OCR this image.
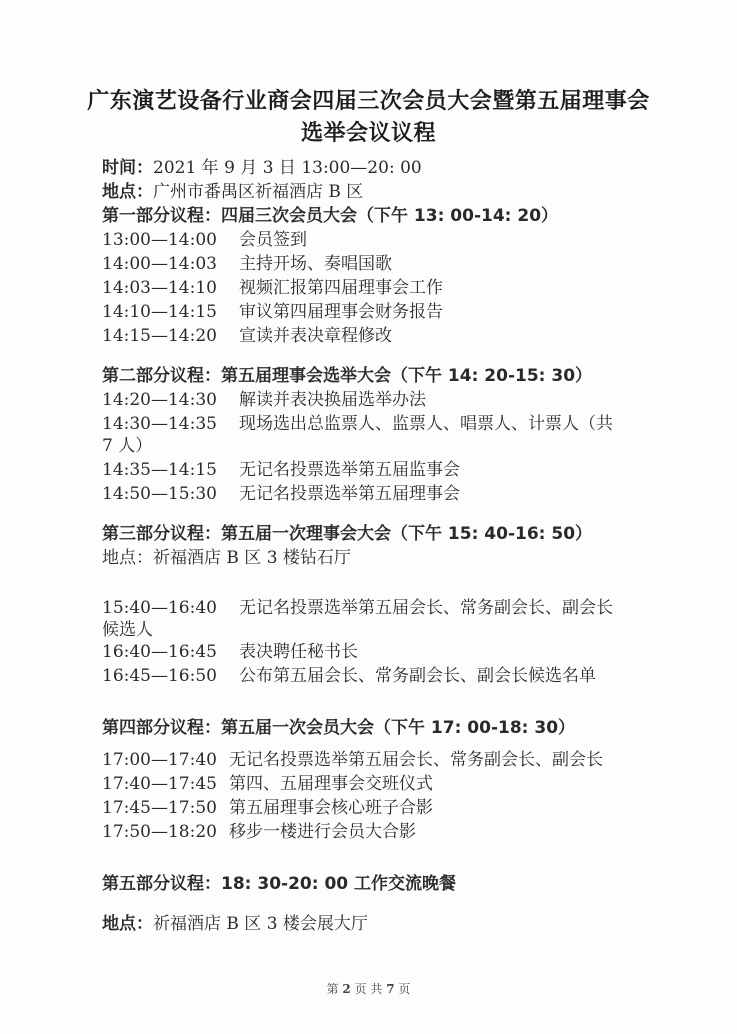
广东演艺设备行业商会四届三次会员大会暨第五届理事会
选举会议议程
时间：2021 年 9 月 3 日 13:00—20: 00
地点：广州市番禺区祈福酒店 B 区
第一部分议程：四届三次会员大会（下午 13: 00-14: 20）
13:00—14:00 会员签到
14:00—14:03 主持开场、奏唱国歌
14:03—14:10 视频汇报第四届理事会工作
14:10—14:15 审议第四届理事会财务报告
14:15—14:20 宣读并表决章程修改
第二部分议程：第五届理事会选举大会（下午 14: 20-15: 30）
14:20—14:30 解读并表决换届选举办法
14:30—14:35 现场选出总监票人、监票人、唱票人、计票人（共
7 人）
14:35—14:15 无记名投票选举第五届监事会
14:50—15:30 无记名投票选举第五届理事会
第三部分议程：第五届一次理事会大会（下午 15: 40-16: 50）
地点：祈福酒店 B 区 3 楼钻石厅
15:40—16:40 无记名投票选举第五届会长、常务副会长、副会长
候选人
16:40—16:45 表决聘任秘书长
16:45—16:50 公布第五届会长、常务副会长、副会长候选名单
第四部分议程：第五届一次会员大会（下午 17: 00-18: 30）
17:00—17:40 无记名投票选举第五届会长、常务副会长、副会长
17:40—17:45 第四、五届理事会交班仪式
17:45—17:50 第五届理事会核心班子合影
17:50—18:20 移步一楼进行会员大合影
第五部分议程：18: 30-20: 00 工作交流晚餐
地点：祈福酒店 B 区 3 楼会展大厅
第 2 页 共 7 页
